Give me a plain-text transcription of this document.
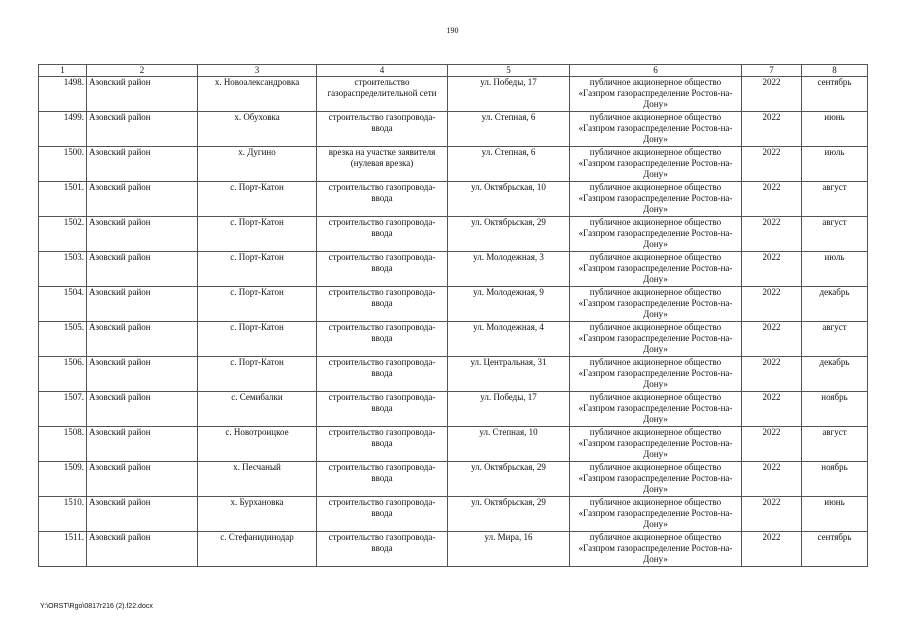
190
1	2	3	4	5	6	7	8
1498.	Азовский район	х. Новоалександровка	строительство газораспределительной сети	ул. Победы, 17	публичное акционерное общество «Газпром газораспределение Ростов-на-Дону»	2022	сентябрь
1499.	Азовский район	х. Обуховка	строительство газопровода-ввода	ул. Степная, 6	публичное акционерное общество «Газпром газораспределение Ростов-на-Дону»	2022	июнь
1500.	Азовский район	х. Дугино	врезка на участке заявителя (нулевая врезка)	ул. Степная, 6	публичное акционерное общество «Газпром газораспределение Ростов-на-Дону»	2022	июль
1501.	Азовский район	с. Порт-Катон	строительство газопровода-ввода	ул. Октябрьская, 10	публичное акционерное общество «Газпром газораспределение Ростов-на-Дону»	2022	август
1502.	Азовский район	с. Порт-Катон	строительство газопровода-ввода	ул. Октябрьская, 29	публичное акционерное общество «Газпром газораспределение Ростов-на-Дону»	2022	август
1503.	Азовский район	с. Порт-Катон	строительство газопровода-ввода	ул. Молодежная, 3	публичное акционерное общество «Газпром газораспределение Ростов-на-Дону»	2022	июль
1504.	Азовский район	с. Порт-Катон	строительство газопровода-ввода	ул. Молодежная, 9	публичное акционерное общество «Газпром газораспределение Ростов-на-Дону»	2022	декабрь
1505.	Азовский район	с. Порт-Катон	строительство газопровода-ввода	ул. Молодежная, 4	публичное акционерное общество «Газпром газораспределение Ростов-на-Дону»	2022	август
1506.	Азовский район	с. Порт-Катон	строительство газопровода-ввода	ул. Центральная, 31	публичное акционерное общество «Газпром газораспределение Ростов-на-Дону»	2022	декабрь
1507.	Азовский район	с. Семибалки	строительство газопровода-ввода	ул. Победы, 17	публичное акционерное общество «Газпром газораспределение Ростов-на-Дону»	2022	ноябрь
1508.	Азовский район	с. Новотроицкое	строительство газопровода-ввода	ул. Степная, 10	публичное акционерное общество «Газпром газораспределение Ростов-на-Дону»	2022	август
1509.	Азовский район	х. Песчаный	строительство газопровода-ввода	ул. Октябрьская, 29	публичное акционерное общество «Газпром газораспределение Ростов-на-Дону»	2022	ноябрь
1510.	Азовский район	х. Бурхановка	строительство газопровода-ввода	ул. Октябрьская, 29	публичное акционерное общество «Газпром газораспределение Ростов-на-Дону»	2022	июнь
1511.	Азовский район	с. Стефанидинодар	строительство газопровода-ввода	ул. Мира, 16	публичное акционерное общество «Газпром газораспределение Ростов-на-Дону»	2022	сентябрь
Y:\ORST\Rgo\0817r216 (2).f22.docx
